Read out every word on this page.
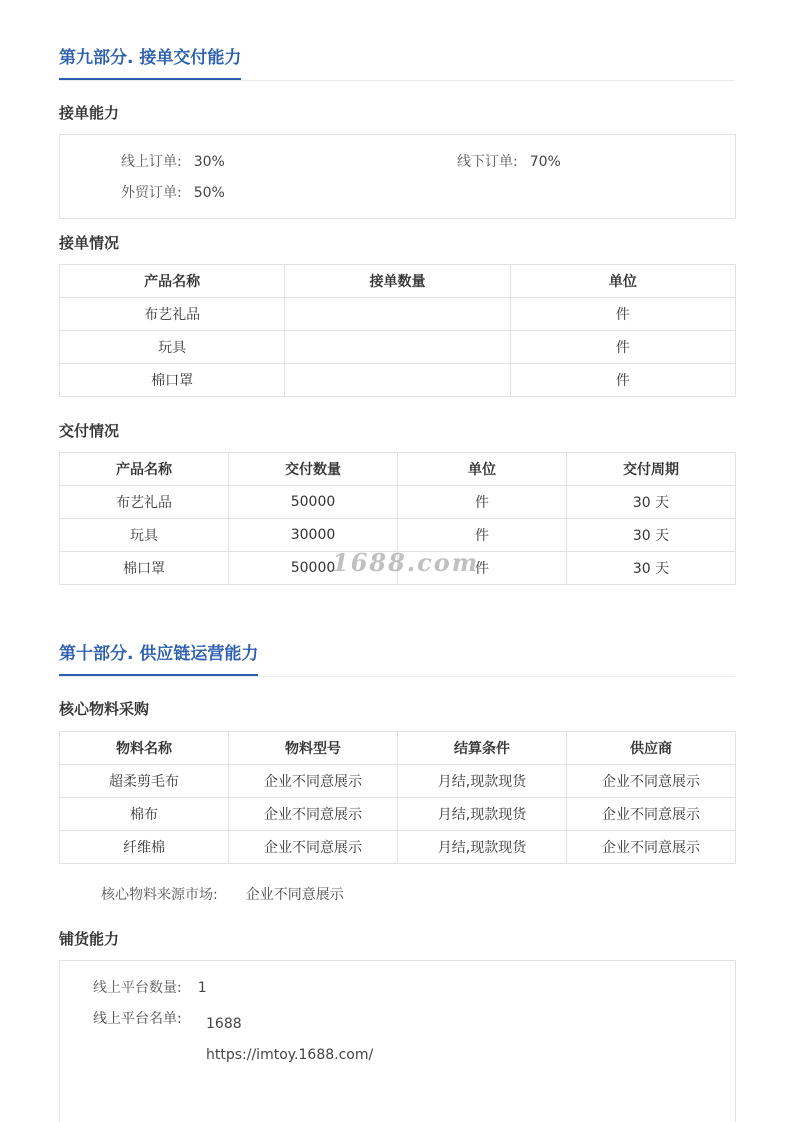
第九部分. 接单交付能力
接单能力
线上订单: 30%	线下订单: 70%
外贸订单: 50%
接单情况
产品名称	接单数量	单位
布艺礼品		件
玩具		件
棉口罩		件
交付情况
产品名称	交付数量	单位	交付周期
布艺礼品	50000	件	30 天
玩具	30000	件	30 天
棉口罩	50000	件	30 天
1688.com
第十部分. 供应链运营能力
核心物料采购
物料名称	物料型号	结算条件	供应商
超柔剪毛布	企业不同意展示	月结,现款现货	企业不同意展示
棉布	企业不同意展示	月结,现款现货	企业不同意展示
纤维棉	企业不同意展示	月结,现款现货	企业不同意展示
核心物料来源市场: 企业不同意展示
铺货能力
线上平台数量: 1
线上平台名单: 1688
https://imtoy.1688.com/
